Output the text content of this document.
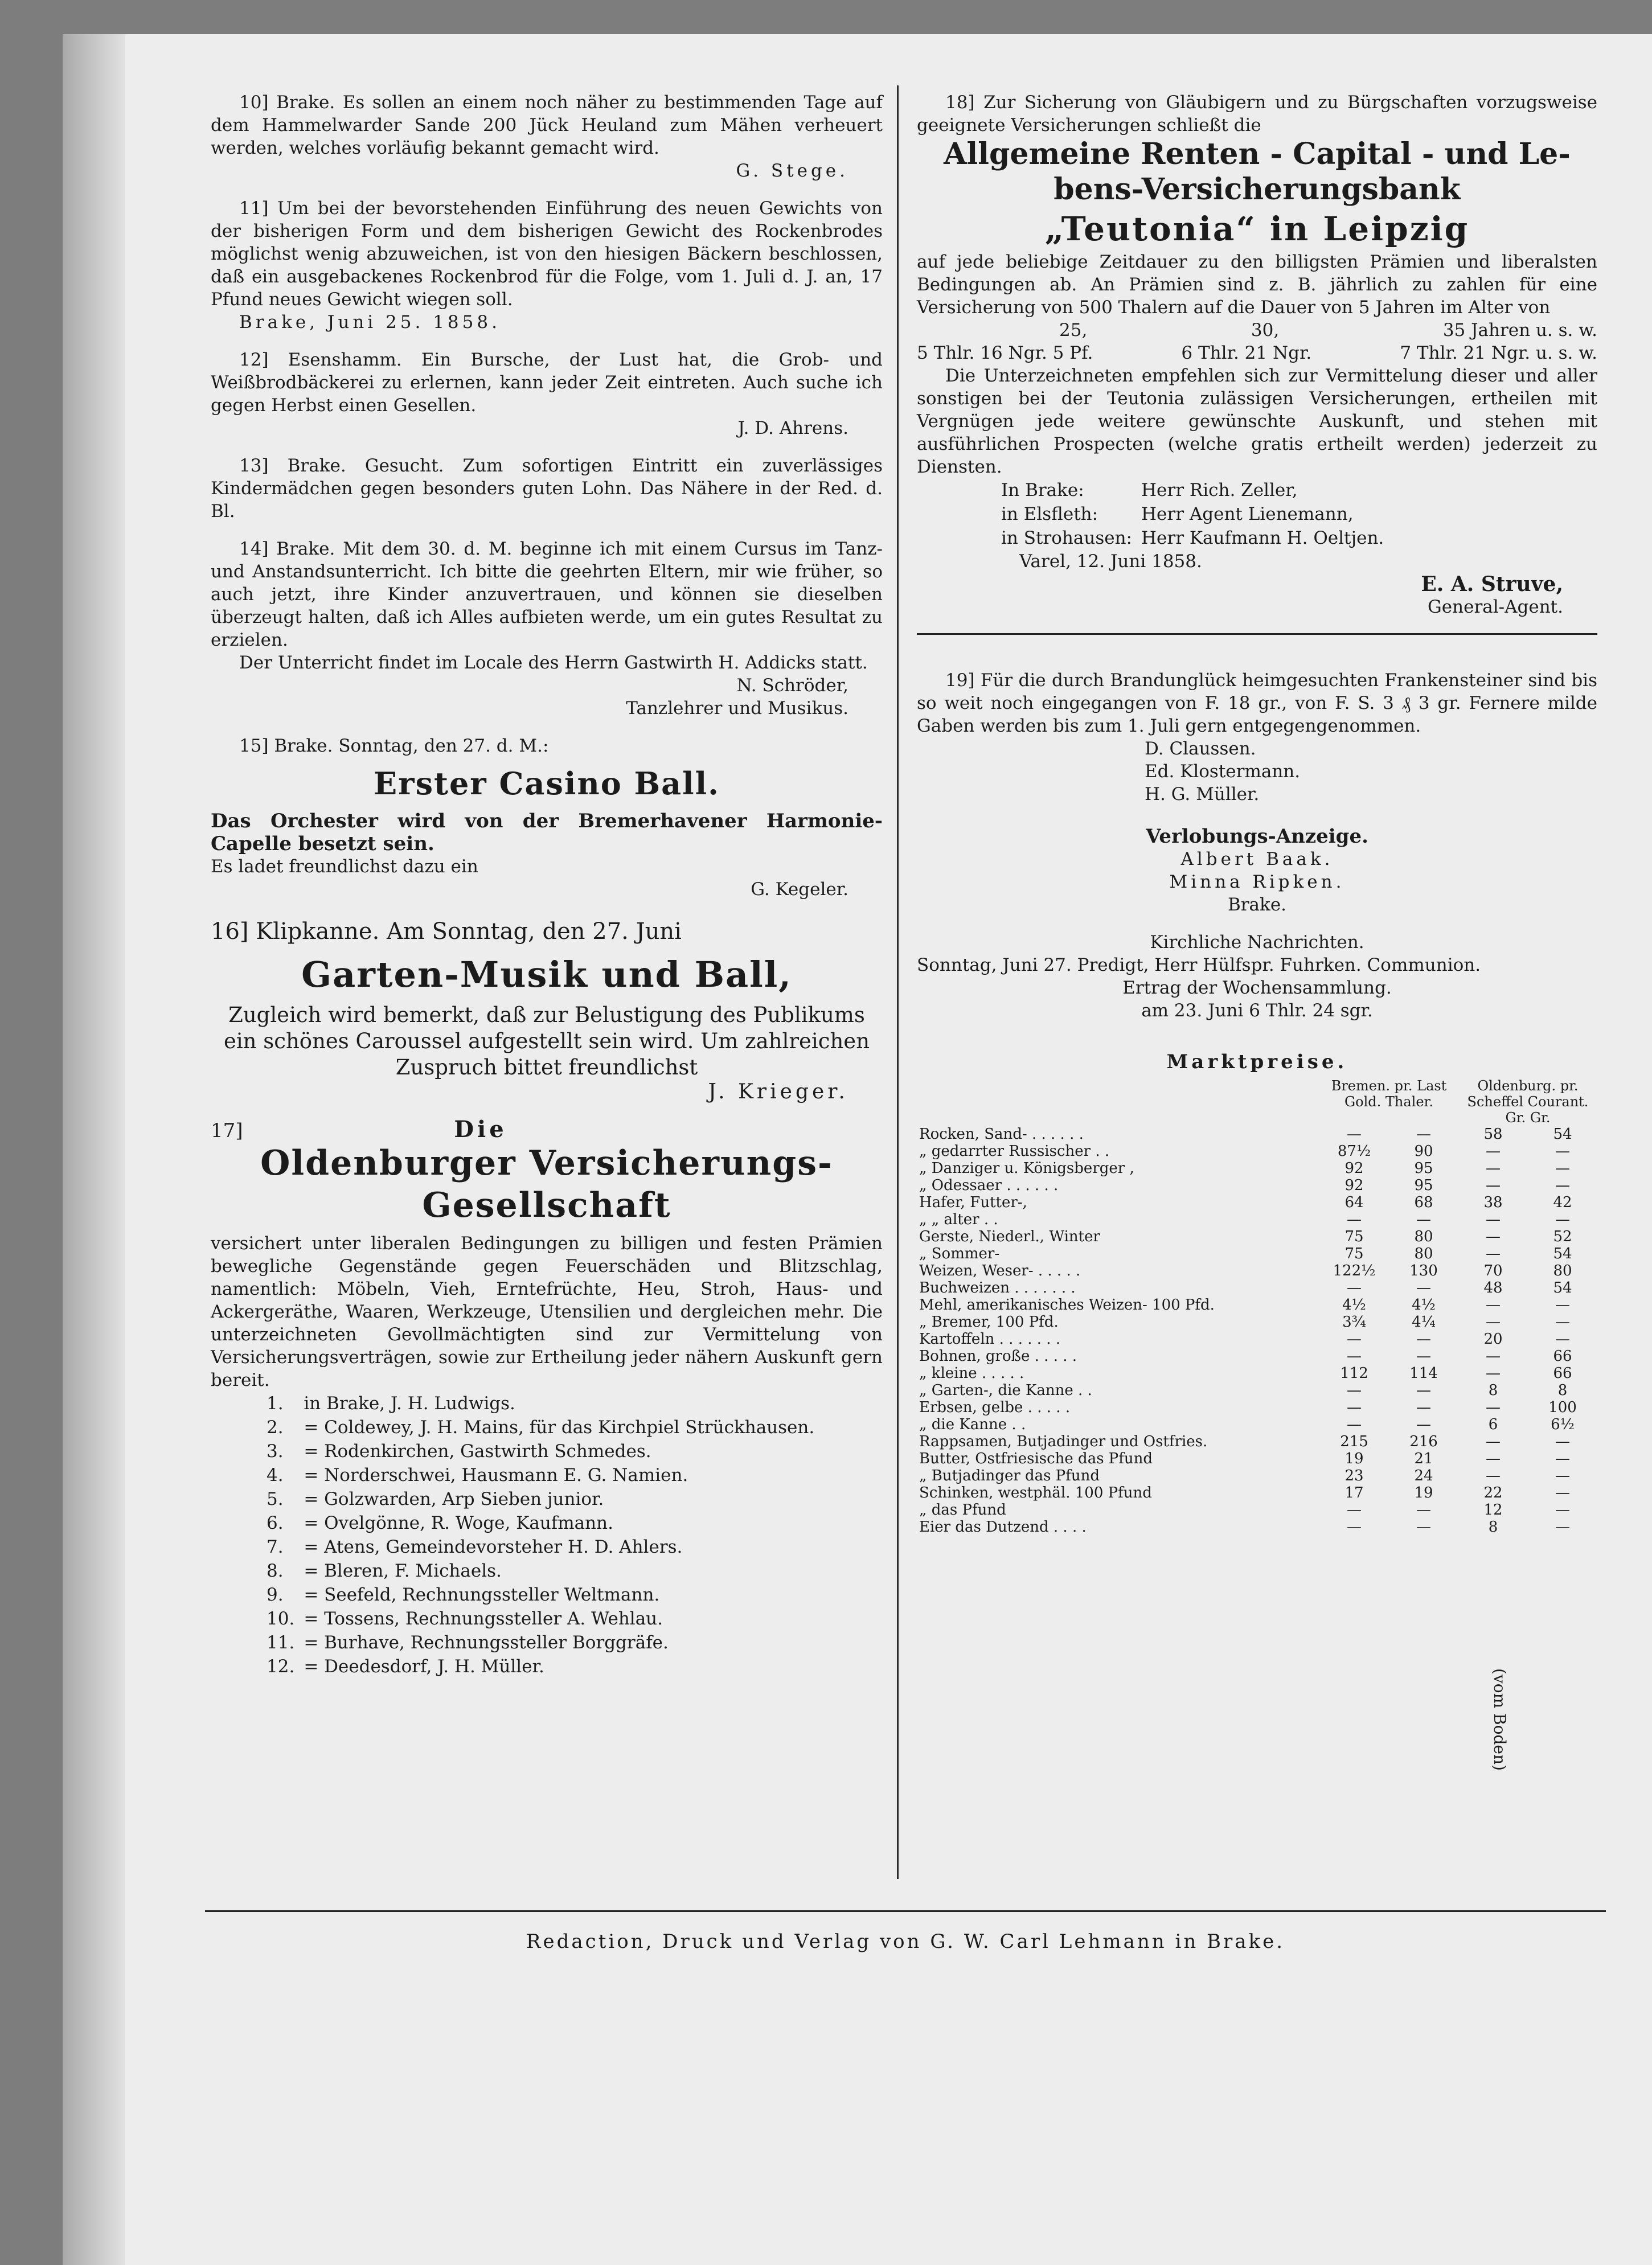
10] Brake. Es sollen an einem noch näher zu bestimmenden Tage auf dem Hammelwarder Sande 200 Jück Heuland zum Mähen verheuert werden, welches vorläufig bekannt gemacht wird.

G. Stege.

11] Um bei der bevorstehenden Einführung des neuen Gewichts von der bisherigen Form und dem bisherigen Gewicht des Rockenbrodes möglichst wenig abzuweichen, ist von den hiesigen Bäckern beschlossen, daß ein ausgebackenes Rockenbrod für die Folge, vom 1. Juli d. J. an, 17 Pfund neues Gewicht wiegen soll.

Brake, Juni 25. 1858.

12] Esenshamm. Ein Bursche, der Lust hat, die Grob- und Weißbrodbäckerei zu erlernen, kann jeder Zeit eintreten. Auch suche ich gegen Herbst einen Gesellen.

J. D. Ahrens.

13] Brake. Gesucht. Zum sofortigen Eintritt ein zuverlässiges Kindermädchen gegen besonders guten Lohn. Das Nähere in der Red. d. Bl.

14] Brake. Mit dem 30. d. M. beginne ich mit einem Cursus im Tanz- und Anstandsunterricht. Ich bitte die geehrten Eltern, mir wie früher, so auch jetzt, ihre Kinder anzuvertrauen, und können sie dieselben überzeugt halten, daß ich Alles aufbieten werde, um ein gutes Resultat zu erzielen.

Der Unterricht findet im Locale des Herrn Gastwirth H. Addicks statt.

N. Schröder,

Tanzlehrer und Musikus.

15] Brake. Sonntag, den 27. d. M.:

Erster Casino Ball.

Das Orchester wird von der Bremerhavener Harmonie-Capelle besetzt sein.

Es ladet freundlichst dazu ein

G. Kegeler.

16] Klipkanne. Am Sonntag, den 27. Juni

Garten-Musik und Ball,

Zugleich wird bemerkt, daß zur Belustigung des Publikums ein schönes Caroussel aufgestellt sein wird. Um zahlreichen Zuspruch bittet freundlichst

J. Krieger.

17]	Die

Oldenburger Versicherungs-

Gesellschaft

versichert unter liberalen Bedingungen zu billigen und festen Prämien bewegliche Gegenstände gegen Feuerschäden und Blitzschlag, namentlich: Möbeln, Vieh, Erntefrüchte, Heu, Stroh, Haus- und Ackergeräthe, Waaren, Werkzeuge, Utensilien und dergleichen mehr. Die unterzeichneten Gevollmächtigten sind zur Vermittelung von Versicherungsverträgen, sowie zur Ertheilung jeder nähern Auskunft gern bereit.

1.	in Brake, J. H. Ludwigs.
2.	= Coldewey, J. H. Mains, für das Kirchpiel Strückhausen.
3.	= Rodenkirchen, Gastwirth Schmedes.
4.	= Norderschwei, Hausmann E. G. Namien.
5.	= Golzwarden, Arp Sieben junior.
6.	= Ovelgönne, R. Woge, Kaufmann.
7.	= Atens, Gemeindevorsteher H. D. Ahlers.
8.	= Bleren, F. Michaels.
9.	= Seefeld, Rechnungssteller Weltmann.
10.	= Tossens, Rechnungssteller A. Wehlau.
11.	= Burhave, Rechnungssteller Borggräfe.
12.	= Deedesdorf, J. H. Müller.

18] Zur Sicherung von Gläubigern und zu Bürgschaften vorzugsweise geeignete Versicherungen schließt die

Allgemeine Renten - Capital - und Le-

bens-Versicherungsbank

„Teutonia“ in Leipzig

auf jede beliebige Zeitdauer zu den billigsten Prämien und liberalsten Bedingungen ab. An Prämien sind z. B. jährlich zu zahlen für eine Versicherung von 500 Thalern auf die Dauer von 5 Jahren im Alter von

25,	30,	35 Jahren u. s. w.
5 Thlr. 16 Ngr. 5 Pf.	6 Thlr. 21 Ngr.	7 Thlr. 21 Ngr. u. s. w.

Die Unterzeichneten empfehlen sich zur Vermittelung dieser und aller sonstigen bei der Teutonia zulässigen Versicherungen, ertheilen mit Vergnügen jede weitere gewünschte Auskunft, und stehen mit ausführlichen Prospecten (welche gratis ertheilt werden) jederzeit zu Diensten.

In Brake:	Herr Rich. Zeller,
in Elsfleth:	Herr Agent Lienemann,
in Strohausen:	Herr Kaufmann H. Oeltjen.

Varel, 12. Juni 1858.

E. A. Struve,

General-Agent.

19] Für die durch Brandunglück heimgesuchten Frankensteiner sind bis so weit noch eingegangen von F. 18 gr., von F. S. 3 ₰ 3 gr. Fernere milde Gaben werden bis zum 1. Juli gern entgegengenommen.

D. Claussen.

Ed. Klostermann.

H. G. Müller.

Verlobungs-Anzeige.

Albert Baak.

Minna Ripken.

Brake.

Kirchliche Nachrichten.

Sonntag, Juni 27. Predigt, Herr Hülfspr. Fuhrken. Communion.

Ertrag der Wochensammlung.

am 23. Juni 6 Thlr. 24 sgr.

Marktpreise.

	Bremen. pr. Last Gold. Thaler.		Oldenburg. pr. Scheffel Courant. Gr. Gr.	
Rocken, Sand- . . . . . .	—	—	58	54
„ gedarrter Russischer . .	87½	90	—	—
„ Danziger u. Königsberger ,	92	95	—	—
„ Odessaer . . . . . .	92	95	—	—
Hafer, Futter-,	64	68	38	42
„ „ alter . .	—	—	—	—
Gerste, Niederl., Winter	75	80	—	52
„ Sommer-	75	80	—	54
Weizen, Weser- . . . . .	122½	130	70	80
Buchweizen . . . . . . .	—	—	48	54
Mehl, amerikanisches Weizen- 100 Pfd.	4½	4½	—	—
„ Bremer, 100 Pfd.	3¾	4¼	—	—
Kartoffeln . . . . . . .	—	—	20	—
Bohnen, große . . . . .	—	—	—	66
„ kleine . . . . .	112	114	—	66
„ Garten-, die Kanne . .	—	—	8	8
Erbsen, gelbe . . . . .	—	—	—	100
„ die Kanne . .	—	—	6	6½
Rappsamen, Butjadinger und Ostfries.	215	216	—	—
Butter, Ostfriesische das Pfund	19	21	—	—
„ Butjadinger das Pfund	23	24	—	—
Schinken, westphäl. 100 Pfund	17	19	22	—
„ das Pfund	—	—	12	—
Eier das Dutzend . . . .	—	—	8	—
(vom Boden)
Redaction, Druck und Verlag von G. W. Carl Lehmann in Brake.
